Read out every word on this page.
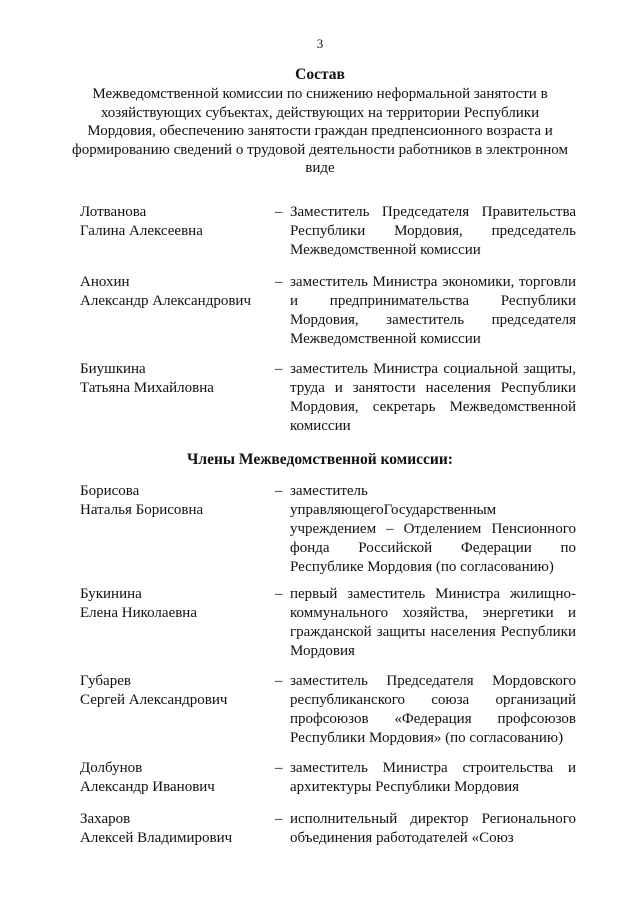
3
Состав
Межведомственной комиссии по снижению неформальной занятости в хозяйствующих субъектах, действующих на территории Республики Мордовия, обеспечению занятости граждан предпенсионного возраста и формированию сведений о трудовой деятельности работников в электронном виде
Лотванова
Галина Алексеевна
– Заместитель Председателя Правительства Республики Мордовия, председатель Межведомственной комиссии
Анохин
Александр Александрович
– заместитель Министра экономики, торговли и предпринимательства Республики Мордовия, заместитель председателя Межведомственной комиссии
Биушкина
Татьяна Михайловна
– заместитель Министра социальной защиты, труда и занятости населения Республики Мордовия, секретарь Межведомственной комиссии
Члены Межведомственной комиссии:
Борисова
Наталья Борисовна
– заместитель управляющегоГосударственным учреждением – Отделением Пенсионного фонда Российской Федерации по Республике Мордовия (по согласованию)
Букинина
Елена Николаевна
– первый заместитель Министра жилищно-коммунального хозяйства, энергетики и гражданской защиты населения Республики Мордовия
Губарев
Сергей Александрович
– заместитель Председателя Мордовского республиканского союза организаций профсоюзов «Федерация профсоюзов Республики Мордовия» (по согласованию)
Долбунов
Александр Иванович
– заместитель Министра строительства и архитектуры Республики Мордовия
Захаров
Алексей Владимирович
– исполнительный директор Регионального объединения работодателей «Союз
